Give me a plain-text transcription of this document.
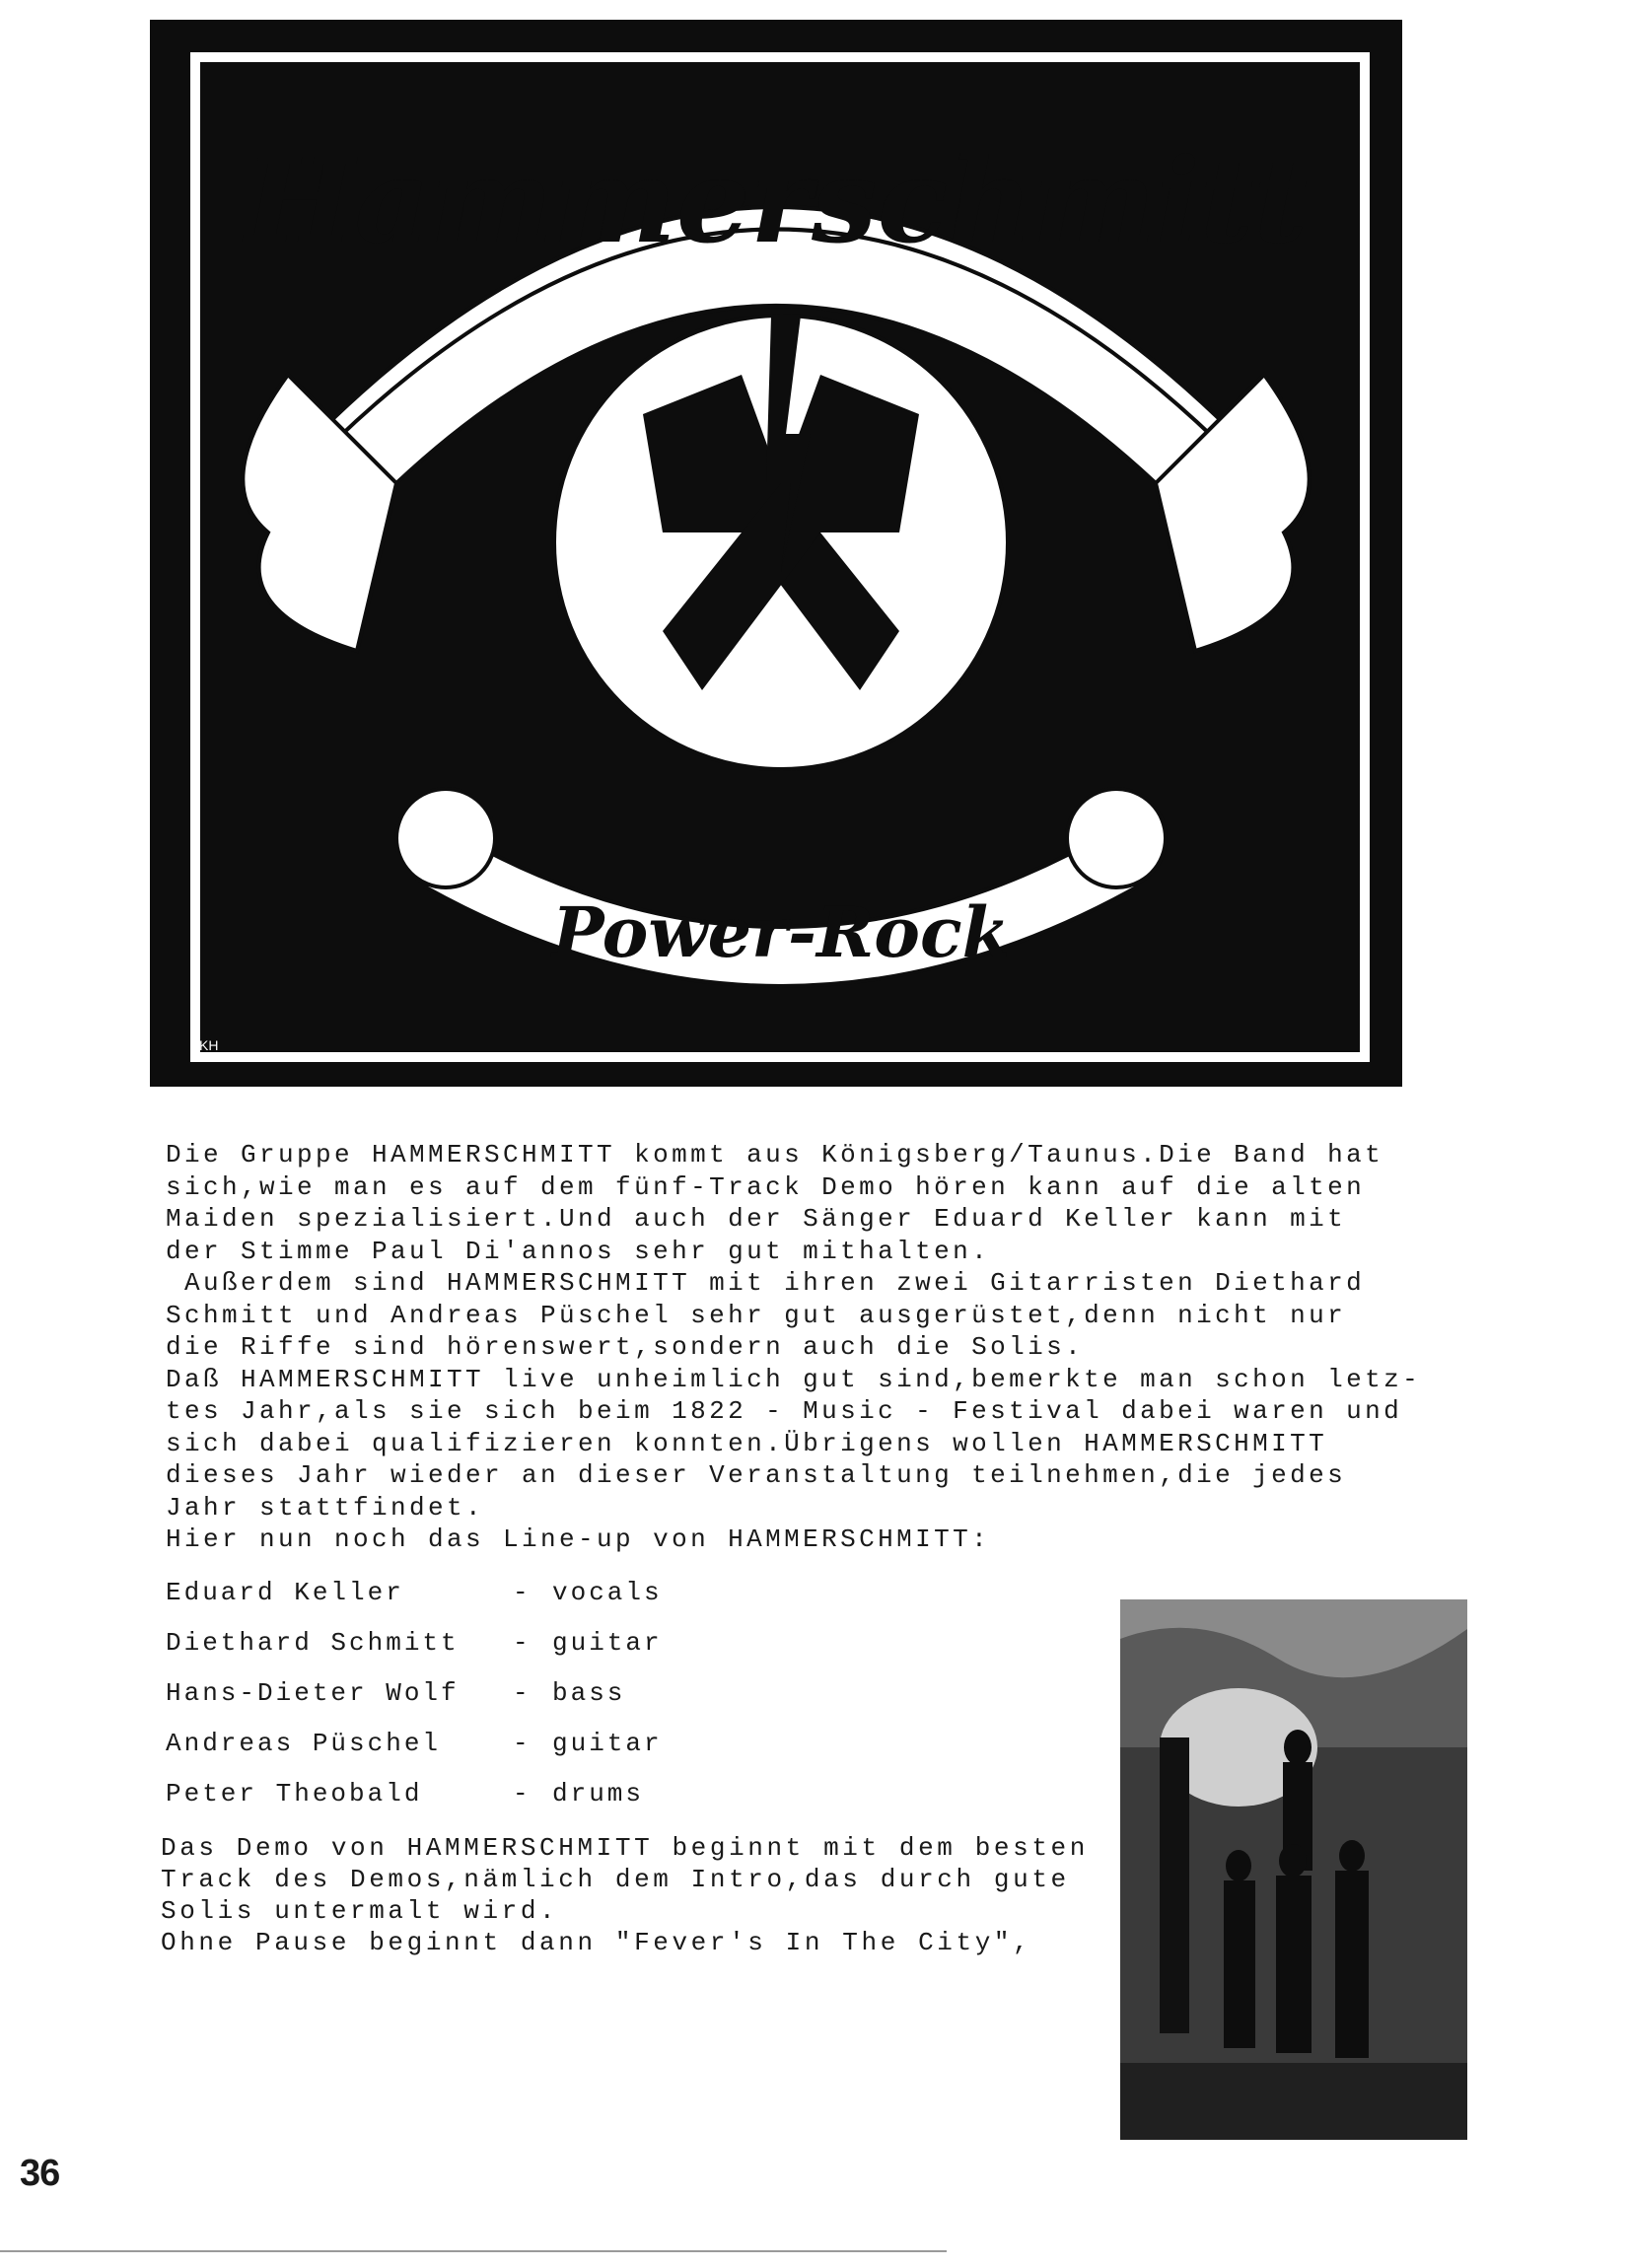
Hammerschmitt
Power-Rock
KH

Die Gruppe HAMMERSCHMITT kommt aus Königsberg/Taunus.Die Band hat
sich,wie man es auf dem fünf-Track Demo hören kann auf die alten
Maiden spezialisiert.Und auch der Sänger Eduard Keller kann mit
der Stimme Paul Di'annos sehr gut mithalten.
Außerdem sind HAMMERSCHMITT mit ihren zwei Gitarristen Diethard
Schmitt und Andreas Püschel sehr gut ausgerüstet,denn nicht nur
die Riffe sind hörenswert,sondern auch die Solis.
Daß HAMMERSCHMITT live unheimlich gut sind,bemerkte man schon letz-
tes Jahr,als sie sich beim 1822 - Music - Festival dabei waren und
sich dabei qualifizieren konnten.Übrigens wollen HAMMERSCHMITT
dieses Jahr wieder an dieser Veranstaltung teilnehmen,die jedes
Jahr stattfindet.
Hier nun noch das Line-up von HAMMERSCHMITT:

Eduard Keller	- vocals
Diethard Schmitt	- guitar
Hans-Dieter Wolf	- bass
Andreas Püschel	- guitar
Peter Theobald	- drums

Das Demo von HAMMERSCHMITT beginnt mit dem besten
Track des Demos,nämlich dem Intro,das durch gute
Solis untermalt wird.
Ohne Pause beginnt dann "Fever's In The City",

36
